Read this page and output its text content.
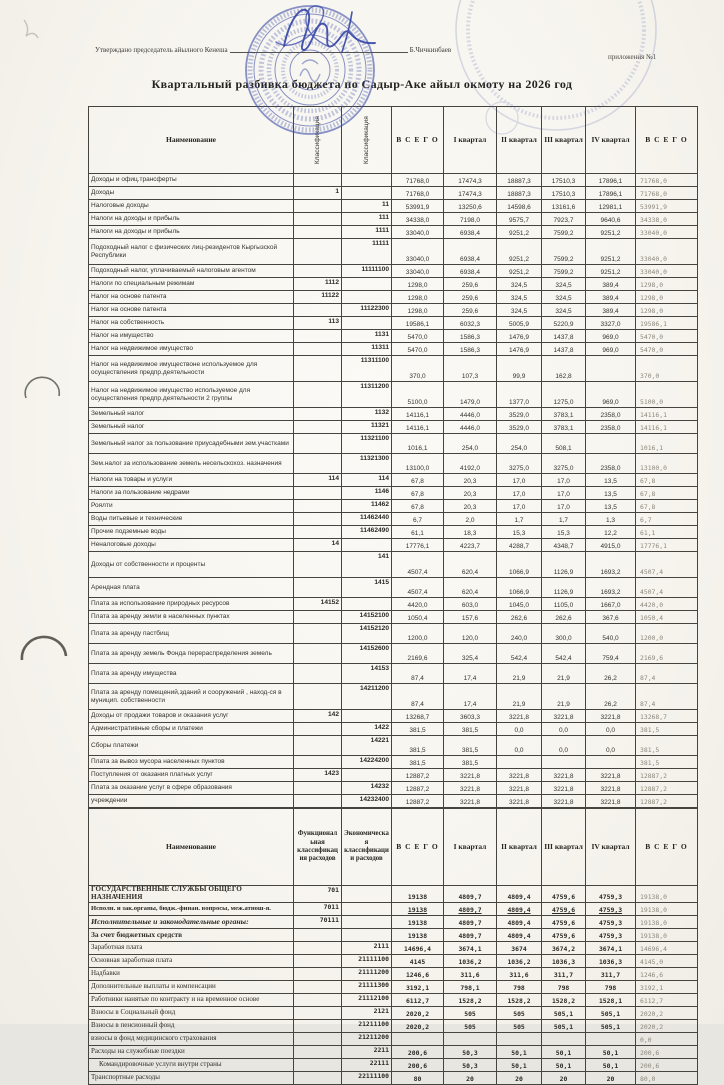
Утверждано председатель айылного Кенеша	Б.Чичкинбаев
приложения №1
Квартальный разбивка бюджета по Садыр-Аке айыл окмоту на 2026 год
Наименование	Классификация	Классификация	В С Е Г О	I квартал	II квартал	III квартал	IV квартал	В С Е Г О
Доходы и офиц.трансферты			71768,0	17474,3	18887,3	17510,3	17896,1	71768,0
Доходы	1		71768,0	17474,3	18887,3	17510,3	17896,1	71768,0
Налоговые доходы		11	53991,9	13250,6	14598,6	13161,6	12981,1	53991,9
Налоги на доходы и прибыль		111	34338,0	7198,0	9575,7	7923,7	9640,6	34338,0
Налоги на доходы и прибыль		1111	33040,0	6938,4	9251,2	7599,2	9251,2	33040,0
Подоходный налог с физических лиц-резидентов Кыргызской Республики		11111	33040,0	6938,4	9251,2	7599,2	9251,2	33040,0
Подоходный налог, уплачиваемый налоговым агентом		11111100	33040,0	6938,4	9251,2	7599,2	9251,2	33040,0
Налоги по специальным режимам	1112		1298,0	259,6	324,5	324,5	389,4	1298,0
Налог на основе патента	11122		1298,0	259,6	324,5	324,5	389,4	1298,0
Налог на основе патента		11122300	1298,0	259,6	324,5	324,5	389,4	1298,0
Налог на собственность	113		19586,1	6032,3	5005,9	5220,9	3327,0	19586,1
Налог на имущество		1131	5470,0	1586,3	1476,9	1437,8	969,0	5470,0
Налог на недвижимое имущество		11311	5470,0	1586,3	1476,9	1437,8	969,0	5470,0
Налог на недвижимое имуществоне используемое для осуществления предпр.деятельности		11311100	370,0	107,3	99,9	162,8		370,0
Налог на недвижимое имущество используемое для осуществления предпр.деятельности 2 группы		11311200	5100,0	1479,0	1377,0	1275,0	969,0	5100,0
Земельный налог		1132	14116,1	4446,0	3529,0	3783,1	2358,0	14116,1
Земельный налог		11321	14116,1	4446,0	3529,0	3783,1	2358,0	14116,1
Земельный налог за пользование приусадебными зем.участками		11321100	1016,1	254,0	254,0	508,1		1016,1
Зем.налог за использование земель несельскохоз. назначения		11321300	13100,0	4192,0	3275,0	3275,0	2358,0	13100,0
Налоги на товары и услуги	114	114	67,8	20,3	17,0	17,0	13,5	67,8
Налоги за пользование недрами		1146	67,8	20,3	17,0	17,0	13,5	67,8
Роялти		11462	67,8	20,3	17,0	17,0	13,5	67,8
Воды питьевые и технические		11462440	6,7	2,0	1,7	1,7	1,3	6,7
Прочие подземные воды		11462490	61,1	18,3	15,3	15,3	12,2	61,1
Неналоговые доходы	14		17776,1	4223,7	4288,7	4348,7	4915,0	17776,1
Доходы от собственности и проценты		141	4507,4	620,4	1066,9	1126,9	1693,2	4507,4
Арендная плата		1415	4507,4	620,4	1066,9	1126,9	1693,2	4507,4
Плата за использование природных ресурсов	14152		4420,0	603,0	1045,0	1105,0	1667,0	4420,0
Плата за аренду земли в населенных пунктах		14152100	1050,4	157,6	262,6	262,6	367,6	1050,4
Плата за аренду пастбищ		14152120	1200,0	120,0	240,0	300,0	540,0	1200,0
Плата за аренду земель Фонда перераспределения земель		14152600	2169,6	325,4	542,4	542,4	759,4	2169,6
Плата за аренду имущества		14153	87,4	17,4	21,9	21,9	26,2	87,4
Плата за аренду помещений,зданий и сооружений , наход-ся в муницип. собственности		14211200	87,4	17,4	21,9	21,9	26,2	87,4
Доходы от продажи товаров и оказания услуг	142		13268,7	3603,3	3221,8	3221,8	3221,8	13268,7
Административные сборы и платежи		1422	381,5	381,5	0,0	0,0	0,0	381,5
Сборы платежи		14221	381,5	381,5	0,0	0,0	0,0	381,5
Плата за вывоз мусора населенных пунктов		14224200	381,5	381,5				381,5
Поступления от оказания платных услуг	1423		12887,2	3221,8	3221,8	3221,8	3221,8	12887,2
Плата за оказание услуг в сфере образования		14232	12887,2	3221,8	3221,8	3221,8	3221,8	12887,2
учреждении		14232400	12887,2	3221,8	3221,8	3221,8	3221,8	12887,2
Наименование	Функциональная классификация расходов	Экономическая классификации расходов	В С Е Г О	I квартал	II квартал	III квартал	IV квартал	В С Е Г О
ГОСУДАРСТВЕННЫЕ СЛУЖБЫ ОБЩЕГО НАЗНАЧЕНИЯ	701		19138	4809,7	4809,4	4759,6	4759,3	19138,0
Исполн. и зак.органы, бюдж.-финан. вопросы, меж.атнош-я.	7011		19138	4809,7	4809,4	4759,6	4759,3	19138,0
Исполнительные и законодательные органы:	70111		19138	4809,7	4809,4	4759,6	4759,3	19138,0
За счет бюджетных средств			19138	4809,7	4809,4	4759,6	4759,3	19138,0
Заработная плата		2111	14696,4	3674,1	3674	3674,2	3674,1	14696,4
Основная заработная плата		21111100	4145	1036,2	1036,2	1036,3	1036,3	4145,0
Надбавки		21111200	1246,6	311,6	311,6	311,7	311,7	1246,6
Дополнительные выплаты и компенсации		21111300	3192,1	798,1	798	798	798	3192,1
Работники нанятые по контракту и на временное основе		21112100	6112,7	1528,2	1528,2	1528,2	1528,1	6112,7
Взносы в Социальный фонд		2121	2020,2	505	505	505,1	505,1	2020,2
Взносы в пенсионный фонд		21211100	2020,2	505	505	505,1	505,1	2020,2
взносы в фонд медицинского страхования		21211200						0,0
Расходы на служебные поездки		2211	200,6	50,3	50,1	50,1	50,1	200,6
Командировочные услуги внутри страны		22111	200,6	50,3	50,1	50,1	50,1	200,6
Транспортные расходы		22111100	80	20	20	20	20	80,0
